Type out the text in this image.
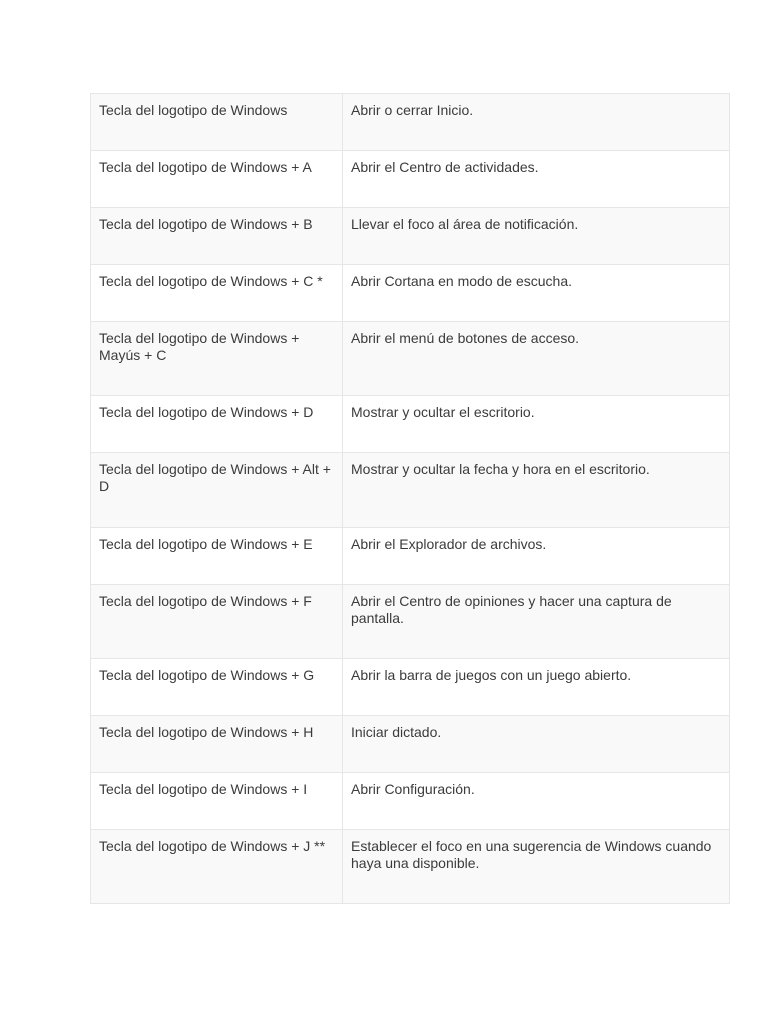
Tecla del logotipo de Windows	Abrir o cerrar Inicio.
Tecla del logotipo de Windows + A	Abrir el Centro de actividades.
Tecla del logotipo de Windows + B	Llevar el foco al área de notificación.
Tecla del logotipo de Windows + C *	Abrir Cortana en modo de escucha.
Tecla del logotipo de Windows + Mayús + C	Abrir el menú de botones de acceso.
Tecla del logotipo de Windows + D	Mostrar y ocultar el escritorio.
Tecla del logotipo de Windows + Alt + D	Mostrar y ocultar la fecha y hora en el escritorio.
Tecla del logotipo de Windows + E	Abrir el Explorador de archivos.
Tecla del logotipo de Windows + F	Abrir el Centro de opiniones y hacer una captura de pantalla.
Tecla del logotipo de Windows + G	Abrir la barra de juegos con un juego abierto.
Tecla del logotipo de Windows + H	Iniciar dictado.
Tecla del logotipo de Windows + I	Abrir Configuración.
Tecla del logotipo de Windows + J **	Establecer el foco en una sugerencia de Windows cuando haya una disponible.
